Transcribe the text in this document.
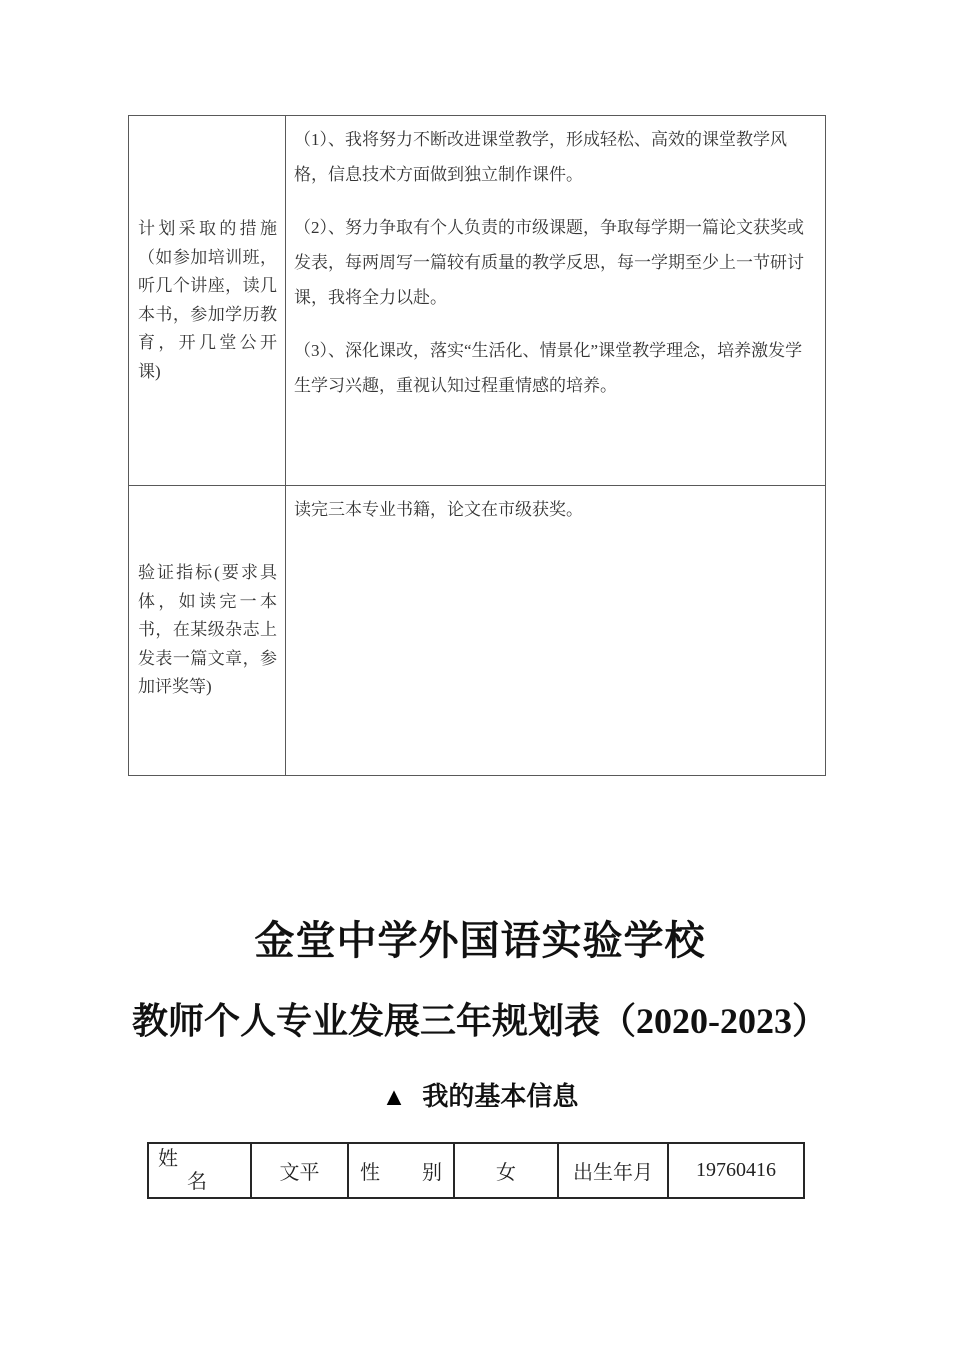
计划采取的措施（如参加培训班，听几个讲座，读几本书，参加学历教育，开几堂公开课)	（1）、我将努力不断改进课堂教学，形成轻松、高效的课堂教学风格，信息技术方面做到独立制作课件。

（2）、努力争取有个人负责的市级课题，争取每学期一篇论文获奖或发表，每两周写一篇较有质量的教学反思，每一学期至少上一节研讨课，我将全力以赴。

（3）、深化课改，落实“生活化、情景化”课堂教学理念，培养激发学生学习兴趣，重视认知过程重情感的培养。

验证指标(要求具体，如读完一本书，在某级杂志上发表一篇文章，参加评奖等)	读完三本专业书籍，论文在市级获奖。

金堂中学外国语实验学校
教师个人专业发展三年规划表（2020-2023）
▲ 我的基本信息
姓
名	文平	性 别	女	出生年月	19760416
